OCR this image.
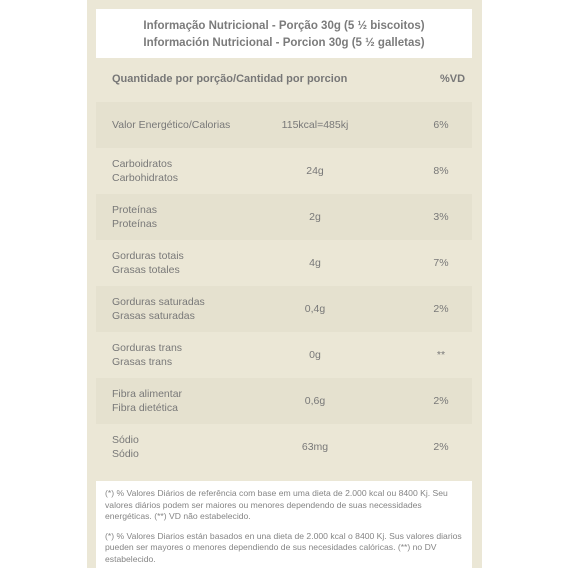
Informação Nutricional - Porção 30g (5 ½ biscoitos)
Información Nutricional - Porcion 30g (5 ½ galletas)
Quantidade por porção/Cantidad por porcion	%VD
Valor Energético/Calorias	115kcal=485kj	6%
Carboidratos
Carbohidratos
24g	8%
Proteínas
Proteínas
2g	3%
Gorduras totais
Grasas totales
4g	7%
Gorduras saturadas
Grasas saturadas
0,4g	2%
Gorduras trans
Grasas trans
0g	**
Fibra alimentar
Fibra dietética
0,6g	2%
Sódio
Sódio
63mg	2%

(*) % Valores Diários de referência com base em uma dieta de 2.000 kcal ou 8400 Kj. Seu valores diários podem ser maiores ou menores dependendo de suas necessidades energéticas. (**) VD não estabelecido.

(*) % Valores Diarios están basados en una dieta de 2.000 kcal o 8400 Kj. Sus valores diarios pueden ser mayores o menores dependiendo de sus necesidades calóricas. (**) no DV estabelecido.
